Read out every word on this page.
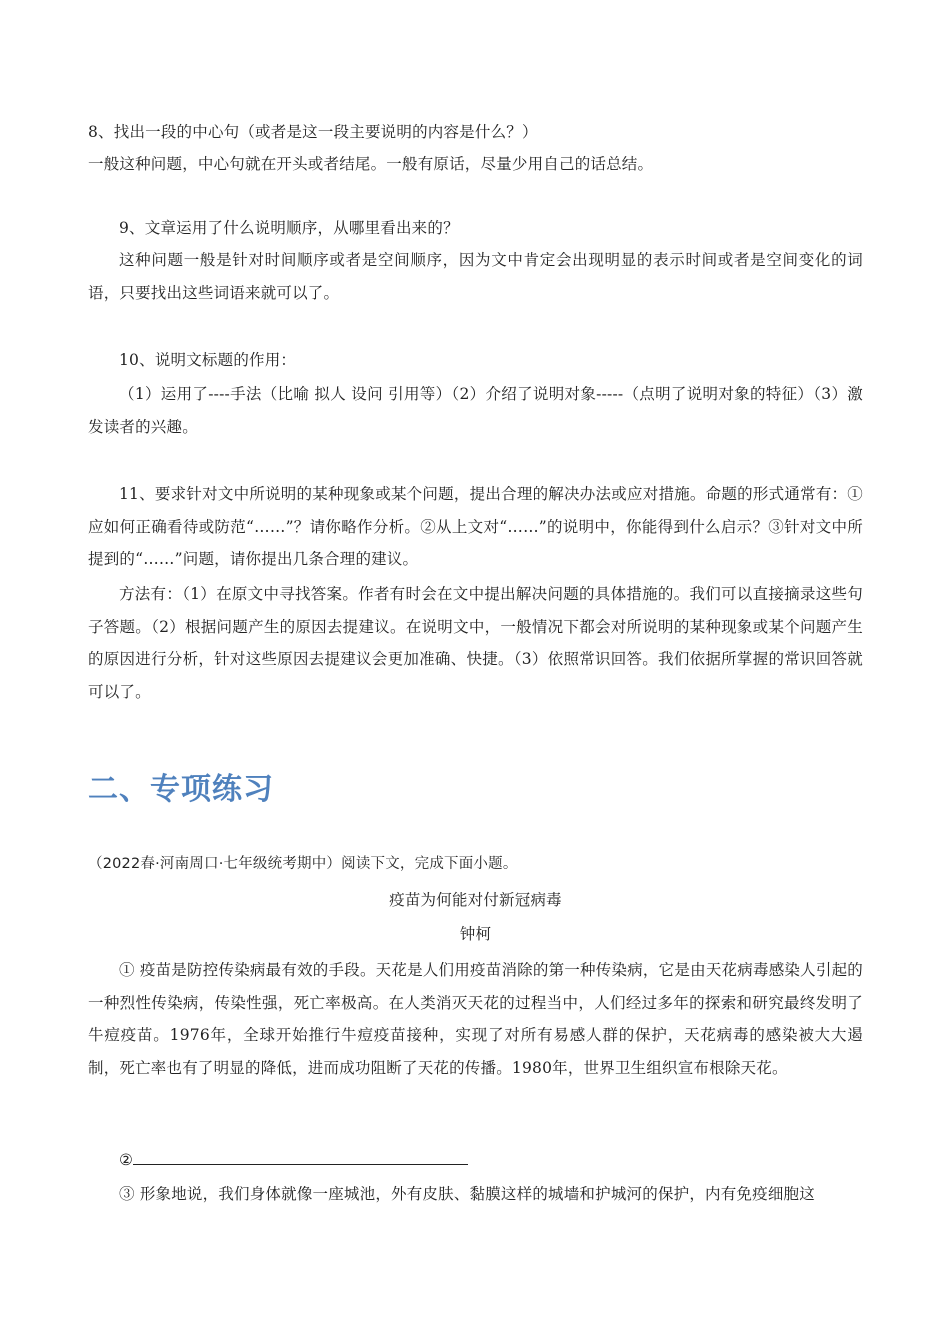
8、找出一段的中心句（或者是这一段主要说明的内容是什么？）

一般这种问题，中心句就在开头或者结尾。一般有原话，尽量少用自己的话总结。

9、文章运用了什么说明顺序，从哪里看出来的？

这种问题一般是针对时间顺序或者是空间顺序，因为文中肯定会出现明显的表示时间或者是空间变化的词语，只要找出这些词语来就可以了。

10、说明文标题的作用：

（1）运用了----手法（比喻 拟人 设问 引用等）（2）介绍了说明对象-----（点明了说明对象的特征）（3）激发读者的兴趣。

11、要求针对文中所说明的某种现象或某个问题，提出合理的解决办法或应对措施。命题的形式通常有：①应如何正确看待或防范“……”？请你略作分析。②从上文对“……”的说明中，你能得到什么启示？③针对文中所提到的“……”问题，请你提出几条合理的建议。

方法有：（1）在原文中寻找答案。作者有时会在文中提出解决问题的具体措施的。我们可以直接摘录这些句子答题。（2）根据问题产生的原因去提建议。在说明文中，一般情况下都会对所说明的某种现象或某个问题产生的原因进行分析，针对这些原因去提建议会更加准确、快捷。（3）依照常识回答。我们依据所掌握的常识回答就可以了。

二、专项练习

（2022春·河南周口·七年级统考期中）阅读下文，完成下面小题。

疫苗为何能对付新冠病毒

钟柯

① 疫苗是防控传染病最有效的手段。天花是人们用疫苗消除的第一种传染病，它是由天花病毒感染人引起的一种烈性传染病，传染性强，死亡率极高。在人类消灭天花的过程当中，人们经过多年的探索和研究最终发明了牛痘疫苗。1976年，全球开始推行牛痘疫苗接种，实现了对所有易感人群的保护，天花病毒的感染被大大遏制，死亡率也有了明显的降低，进而成功阻断了天花的传播。1980年，世界卫生组织宣布根除天花。

②

③ 形象地说，我们身体就像一座城池，外有皮肤、黏膜这样的城墙和护城河的保护，内有免疫细胞这
